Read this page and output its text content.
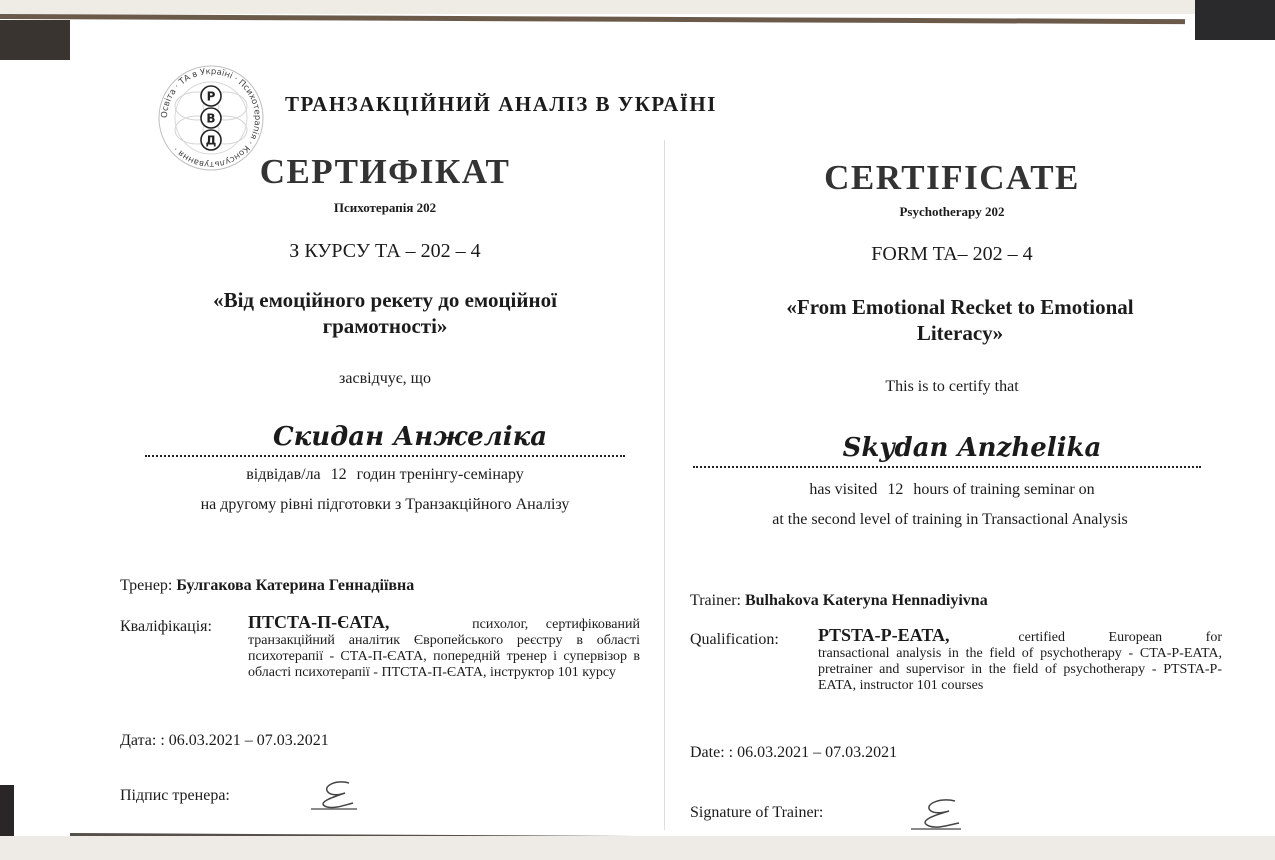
Освіта · ТА в Україні · Психотерапія · Консультування ·
Р
В
Д
ТРАНЗАКЦІЙНИЙ АНАЛІЗ В УКРАЇНІ
СЕРТИФІКАТ
Психотерапія 202
З КУРСУ ТА – 202 – 4
«Від емоційного рекету до емоційної
грамотності»
засвідчує, що
Скидан Анжеліка
відвідав/ла 12 годин тренінгу-семінару
на другому рівні підготовки з Транзакційного Аналізу
Тренер: Булгакова Катерина Геннадіївна
Кваліфікація: ПТСТА-П-ЄАТА,	психолог, сертифікований
транзакційний аналітик Європейського реєстру в області психотерапії - СТА-П-ЄАТА, попередній тренер і супервізор в області психотерапії - ПТСТА-П-ЄАТА, інструктор 101 курсу
Дата: : 06.03.2021 – 07.03.2021
Підпис тренера:
CERTIFICATE
Psychotherapy 202
FORM TA– 202 – 4
«From Emotional Recket to Emotional
Literacy»
This is to certify that
Skydan Anzhelika
has visited 12 hours of training seminar on
at the second level of training in Transactional Analysis
Trainer: Bulhakova Kateryna Hennadiyivna
Qualification: PTSTA-P-EATA,	certified European for
transactional analysis in the field of psychotherapy - CTA-P-EATA, pretrainer and supervisor in the field of psychotherapy - PTSTA-P-EATA, instructor 101 courses
Date: : 06.03.2021 – 07.03.2021
Signature of Trainer:
